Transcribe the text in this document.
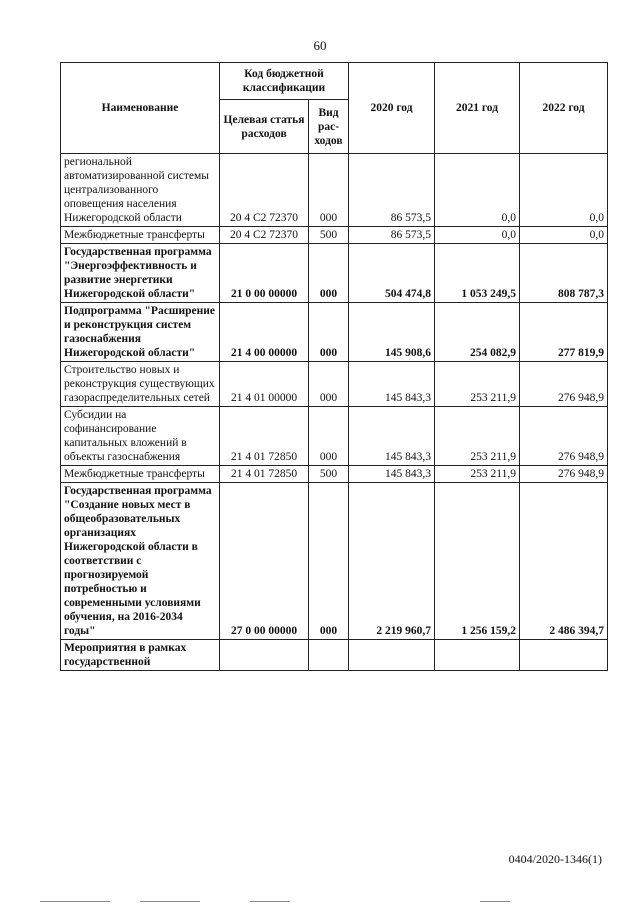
60
Наименование	Код бюджетной классификации		2020 год	2021 год	2022 год
	Целевая статья расходов	Вид рас-ходов			
региональной автоматизированной системы централизованного оповещения населения Нижегородской области	20 4 С2 72370	000	86 573,5	0,0	0,0
Межбюджетные трансферты	20 4 С2 72370	500	86 573,5	0,0	0,0
Государственная программа "Энергоэффективность и развитие энергетики Нижегородской области"	21 0 00 00000	000	504 474,8	1 053 249,5	808 787,3
Подпрограмма "Расширение и реконструкция систем газоснабжения Нижегородской области"	21 4 00 00000	000	145 908,6	254 082,9	277 819,9
Строительство новых и реконструкция существующих газораспределительных сетей	21 4 01 00000	000	145 843,3	253 211,9	276 948,9
Субсидии на софинансирование капитальных вложений в объекты газоснабжения	21 4 01 72850	000	145 843,3	253 211,9	276 948,9
Межбюджетные трансферты	21 4 01 72850	500	145 843,3	253 211,9	276 948,9
Государственная программа "Создание новых мест в общеобразовательных организациях Нижегородской области в соответствии с прогнозируемой потребностью и современными условиями обучения, на 2016-2034 годы"	27 0 00 00000	000	2 219 960,7	1 256 159,2	2 486 394,7
Мероприятия в рамках государственной					
0404/2020-1346(1)
